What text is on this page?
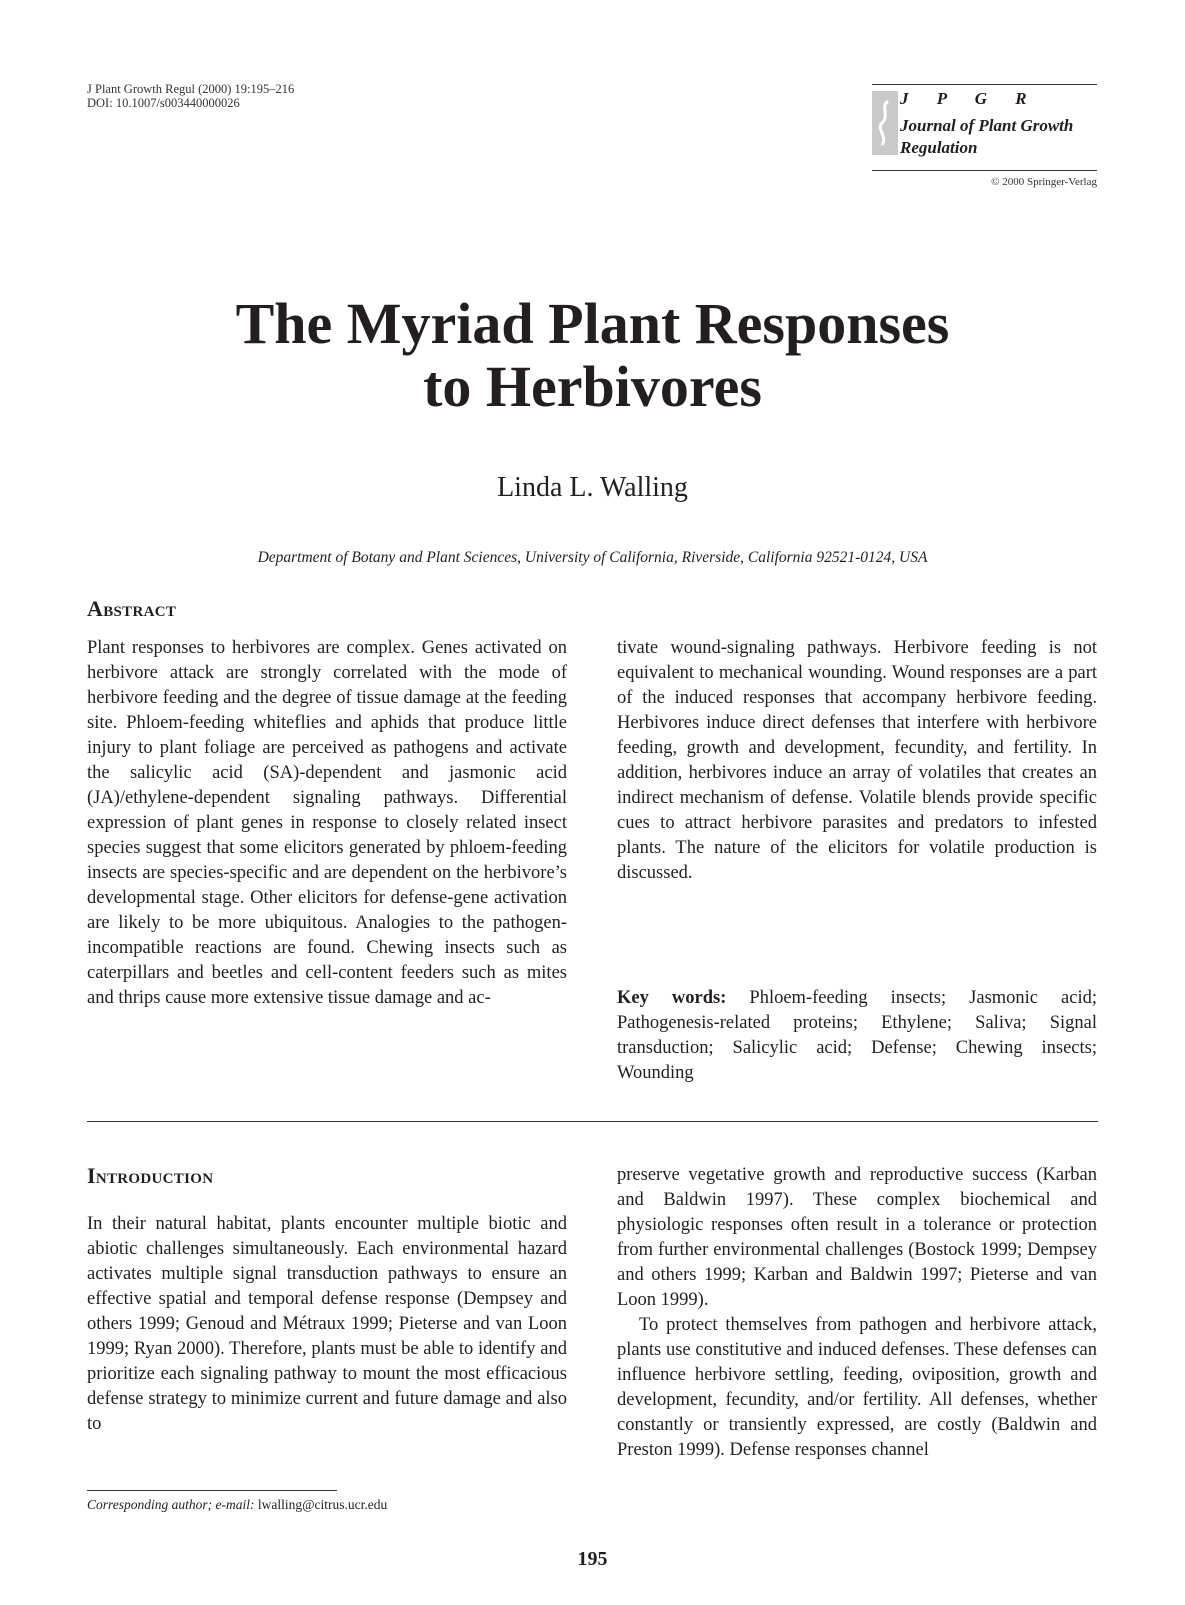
J Plant Growth Regul (2000) 19:195–216
DOI: 10.1007/s003440000026	J P G R
Journal of Plant Growth Regulation
© 2000 Springer-Verlag
The Myriad Plant Responses
to Herbivores
Linda L. Walling
Department of Botany and Plant Sciences, University of California, Riverside, California 92521-0124, USA
Abstract

Plant responses to herbivores are complex. Genes activated on herbivore attack are strongly correlated with the mode of herbivore feeding and the degree of tissue damage at the feeding site. Phloem-feeding whiteflies and aphids that produce little injury to plant foliage are perceived as pathogens and activate the salicylic acid (SA)-dependent and jasmonic acid (JA)/ethylene-dependent signaling pathways. Differential expression of plant genes in response to closely related insect species suggest that some elicitors generated by phloem-feeding insects are species-specific and are dependent on the herbivore’s developmental stage. Other elicitors for defense-gene activation are likely to be more ubiquitous. Analogies to the pathogen-incompatible reactions are found. Chewing insects such as caterpillars and beetles and cell-content feeders such as mites and thrips cause more extensive tissue damage and ac-

tivate wound-signaling pathways. Herbivore feeding is not equivalent to mechanical wounding. Wound responses are a part of the induced responses that accompany herbivore feeding. Herbivores induce direct defenses that interfere with herbivore feeding, growth and development, fecundity, and fertility. In addition, herbivores induce an array of volatiles that creates an indirect mechanism of defense. Volatile blends provide specific cues to attract herbivore parasites and predators to infested plants. The nature of the elicitors for volatile production is discussed.

Key words: Phloem-feeding insects; Jasmonic acid; Pathogenesis-related proteins; Ethylene; Saliva; Signal transduction; Salicylic acid; Defense; Chewing insects; Wounding

Introduction

In their natural habitat, plants encounter multiple biotic and abiotic challenges simultaneously. Each environmental hazard activates multiple signal transduction pathways to ensure an effective spatial and temporal defense response (Dempsey and others 1999; Genoud and Métraux 1999; Pieterse and van Loon 1999; Ryan 2000). Therefore, plants must be able to identify and prioritize each signaling pathway to mount the most efficacious defense strategy to minimize current and future damage and also to

preserve vegetative growth and reproductive success (Karban and Baldwin 1997). These complex biochemical and physiologic responses often result in a tolerance or protection from further environmental challenges (Bostock 1999; Dempsey and others 1999; Karban and Baldwin 1997; Pieterse and van Loon 1999).

To protect themselves from pathogen and herbivore attack, plants use constitutive and induced defenses. These defenses can influence herbivore settling, feeding, oviposition, growth and development, fecundity, and/or fertility. All defenses, whether constantly or transiently expressed, are costly (Baldwin and Preston 1999). Defense responses channel

Corresponding author; e-mail: lwalling@citrus.ucr.edu
195
